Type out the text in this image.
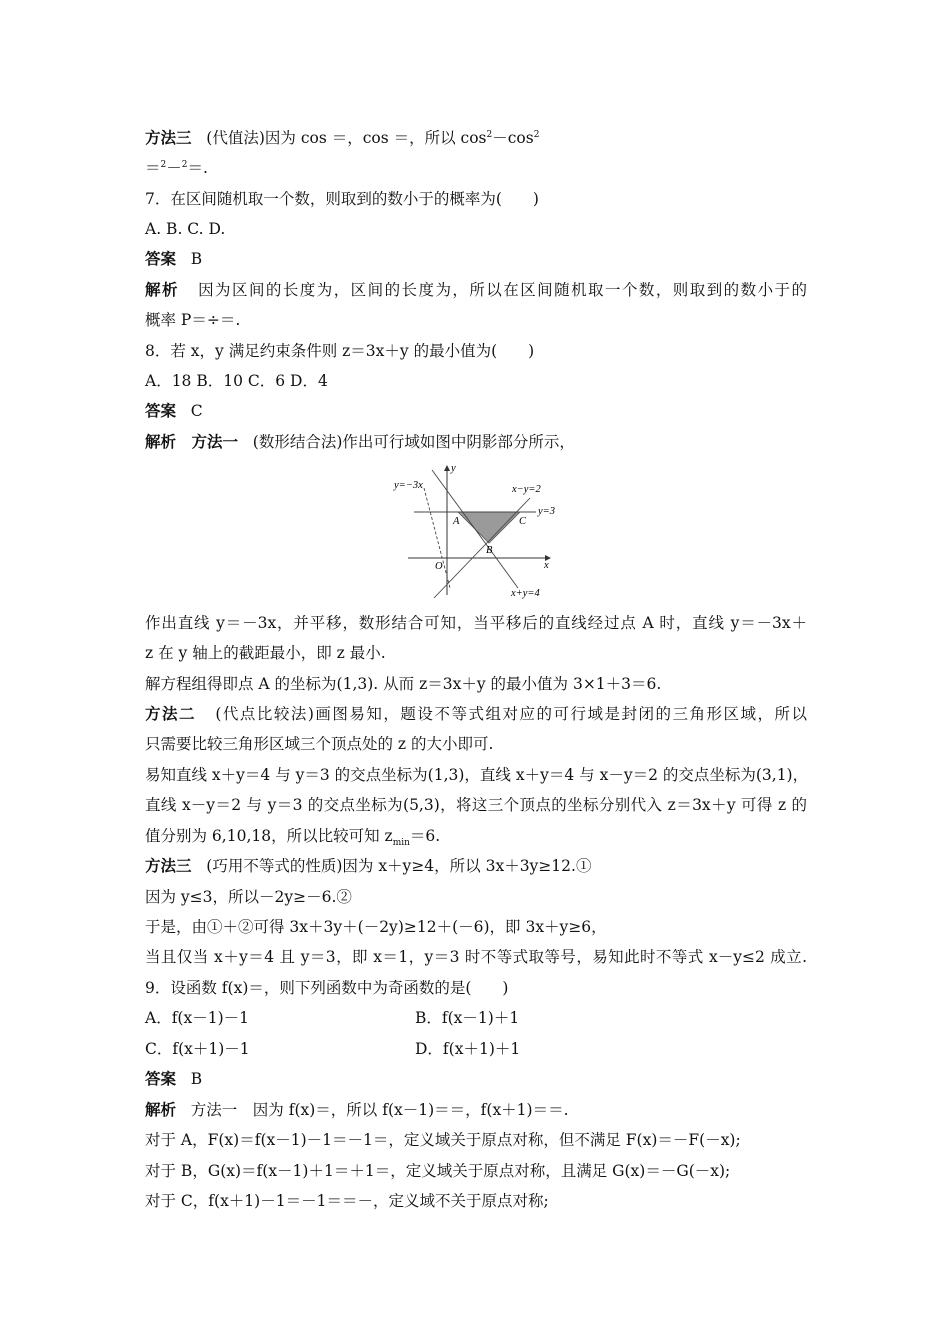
方法三 (代值法)因为 cos ＝，cos ＝，所以 $\cos^2-\cos^2$
＝$^2$－$^2$＝.
7．在区间随机取一个数，则取到的数小于的概率为(　　)
A. B. C. D.
答案 B
解析 因为区间的长度为，区间的长度为，所以在区间随机取一个数，则取到的数小于的
概率 P＝÷＝.
8．若 x，y 满足约束条件则 z＝3x＋y 的最小值为(　　)
A．18 B．10 C．6 D．4
答案 C
解析　方法一 (数形结合法)作出可行域如图中阴影部分所示，
y=−3x
y
x−y=2
y=3
A	C
B
O	x
x+y=4
作出直线 y＝－3x，并平移，数形结合可知，当平移后的直线经过点 A 时，直线 y＝－3x＋
z 在 y 轴上的截距最小，即 z 最小.
解方程组得即点 A 的坐标为(1,3). 从而 z＝3x＋y 的最小值为 3×1＋3＝6.
方法二 (代点比较法)画图易知，题设不等式组对应的可行域是封闭的三角形区域，所以
只需要比较三角形区域三个顶点处的 z 的大小即可.
易知直线 x＋y＝4 与 y＝3 的交点坐标为(1,3)，直线 x＋y＝4 与 x－y＝2 的交点坐标为(3,1)，
直线 x－y＝2 与 y＝3 的交点坐标为(5,3)，将这三个顶点的坐标分别代入 z＝3x＋y 可得 z 的
值分别为 6,10,18，所以比较可知 $z_{min}=6$.
方法三 (巧用不等式的性质)因为 x＋y≥4，所以 3x＋3y≥12.①
因为 y≤3，所以－2y≥－6.②
于是，由①＋②可得 3x＋3y＋(－2y)≥12＋(－6)，即 3x＋y≥6，
当且仅当 x＋y＝4 且 y＝3，即 x＝1，y＝3 时不等式取等号，易知此时不等式 x－y≤2 成立.
9．设函数 f(x)＝，则下列函数中为奇函数的是(　　)
A．f(x－1)－1	B．f(x－1)＋1
C．f(x＋1)－1	D．f(x＋1)＋1
答案 B
解析 方法一　因为 f(x)＝，所以 f(x－1)＝＝，f(x＋1)＝＝.
对于 A，F(x)＝f(x－1)－1＝－1＝，定义域关于原点对称，但不满足 F(x)＝－F(－x);
对于 B，G(x)＝f(x－1)＋1＝＋1＝，定义域关于原点对称，且满足 G(x)＝－G(－x);
对于 C，f(x＋1)－1＝－1＝＝－，定义域不关于原点对称;
